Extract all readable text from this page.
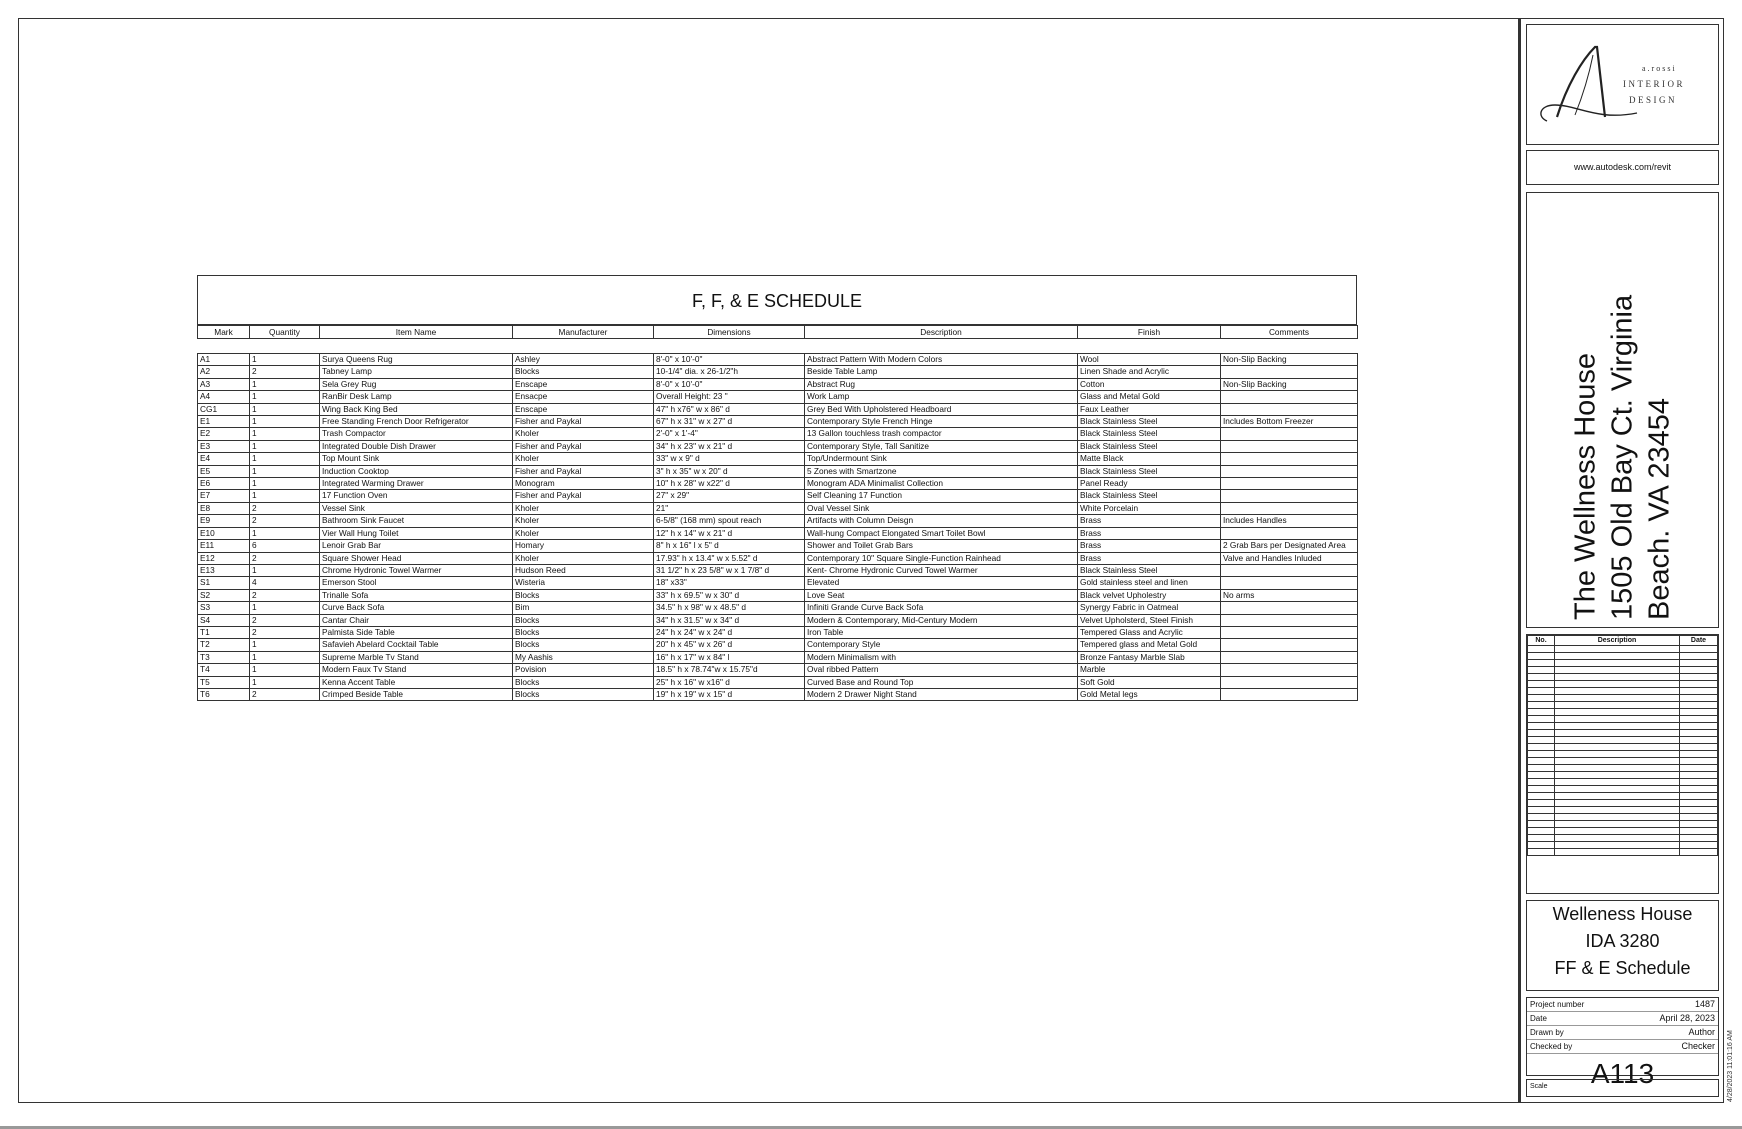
F, F, & E SCHEDULE
Mark	Quantity	Item Name	Manufacturer	Dimensions	Description	Finish	Comments

A1	1	Surya Queens Rug	Ashley	8'-0" x 10'-0"	Abstract Pattern With Modern Colors	Wool	Non-Slip Backing
A2	2	Tabney Lamp	Blocks	10-1/4" dia. x 26-1/2"h	Beside Table Lamp	Linen Shade and Acrylic	
A3	1	Sela Grey Rug	Enscape	8'-0" x 10'-0"	Abstract Rug	Cotton	Non-Slip Backing
A4	1	RanBir Desk Lamp	Ensacpe	Overall Height: 23 "	Work Lamp	Glass and Metal Gold	
CG1	1	Wing Back King Bed	Enscape	47" h x76" w x 86" d	Grey Bed With Upholstered Headboard	Faux Leather	
E1	1	Free Standing French Door Refrigerator	Fisher and Paykal	67" h x 31" w x 27" d	Contemporary Style French Hinge	Black Stainless Steel	Includes Bottom Freezer
E2	1	Trash Compactor	Kholer	2'-0" x 1'-4"	13 Gallon touchless trash compactor	Black Stainless Steel	
E3	1	Integrated Double Dish Drawer	Fisher and Paykal	34" h x 23" w x 21" d	Contemporary Style, Tall Sanitize	Black Stainless Steel	
E4	1	Top Mount Sink	Kholer	33" w x 9" d	Top/Undermount Sink	Matte Black	
E5	1	Induction Cooktop	Fisher and Paykal	3" h x 35" w x 20" d	5 Zones with Smartzone	Black Stainless Steel	
E6	1	Integrated Warming Drawer	Monogram	10" h x 28" w x22" d	Monogram ADA Minimalist Collection	Panel Ready	
E7	1	17 Function Oven	Fisher and Paykal	27" x 29"	Self Cleaning 17 Function	Black Stainless Steel	
E8	2	Vessel Sink	Kholer	21"	Oval Vessel Sink	White Porcelain	
E9	2	Bathroom Sink Faucet	Kholer	6-5/8" (168 mm) spout reach	Artifacts with Column Deisgn	Brass	Includes Handles
E10	1	Vier Wall Hung Toilet	Kholer	12" h x 14" w x 21" d	Wall-hung Compact Elongated Smart Toilet Bowl	Brass	
E11	6	Lenoir Grab Bar	Homary	8" h x 16" l x 5" d	Shower and Toilet Grab Bars	Brass	2 Grab Bars per Designated Area
E12	2	Square Shower Head	Kholer	17.93" h x 13.4" w x 5.52" d	Contemporary 10" Square Single-Function Rainhead	Brass	Valve and Handles Inluded
E13	1	Chrome Hydronic Towel Warmer	Hudson Reed	31 1/2" h x 23 5/8" w x 1 7/8" d	Kent- Chrome Hydronic Curved Towel Warmer	Black Stainless Steel	
S1	4	Emerson Stool	Wisteria	18" x33"	Elevated	Gold stainless steel and linen	
S2	2	Trinalle Sofa	Blocks	33" h x 69.5" w x 30" d	Love Seat	Black velvet Upholestry	No arms
S3	1	Curve Back Sofa	Bim	34.5" h x 98" w x 48.5" d	Infiniti Grande Curve Back Sofa	Synergy Fabric in Oatmeal	
S4	2	Cantar Chair	Blocks	34" h x 31.5" w x 34" d	Modern & Contemporary, Mid-Century Modern	Velvet Upholsterd, Steel Finish	
T1	2	Palmista Side Table	Blocks	24" h x 24" w x 24" d	Iron Table	Tempered Glass and Acrylic	
T2	1	Safavieh Abelard Cocktail Table	Blocks	20" h x 45" w x 26" d	Contemporary Style	Tempered glass and Metal Gold	
T3	1	Supreme Marble Tv Stand	My Aashis	16" h x 17" w x 84" l	Modern Minimalism with	Bronze Fantasy Marble Slab	
T4	1	Modern Faux Tv Stand	Povision	18.5" h x 78.74"w x 15.75"d	Oval ribbed Pattern	Marble	
T5	1	Kenna Accent Table	Blocks	25" h x 16" w x16" d	Curved Base and Round Top	Soft Gold	
T6	2	Crimped Beside Table	Blocks	19" h x 19" w x 15" d	Modern 2 Drawer Night Stand	Gold Metal legs	
a.rossi
INTERIOR
DESIGN
www.autodesk.com/revit
The Wellness House 1505 Old Bay Ct. Virginia Beach. VA 23454
No.	Description	Date

Welleness House
IDA 3280
FF & E Schedule
Project number	1487
Date	April 28, 2023
Drawn by	Author
Checked by	Checker
A113
Scale	4/28/2023 11:01:16 AM
